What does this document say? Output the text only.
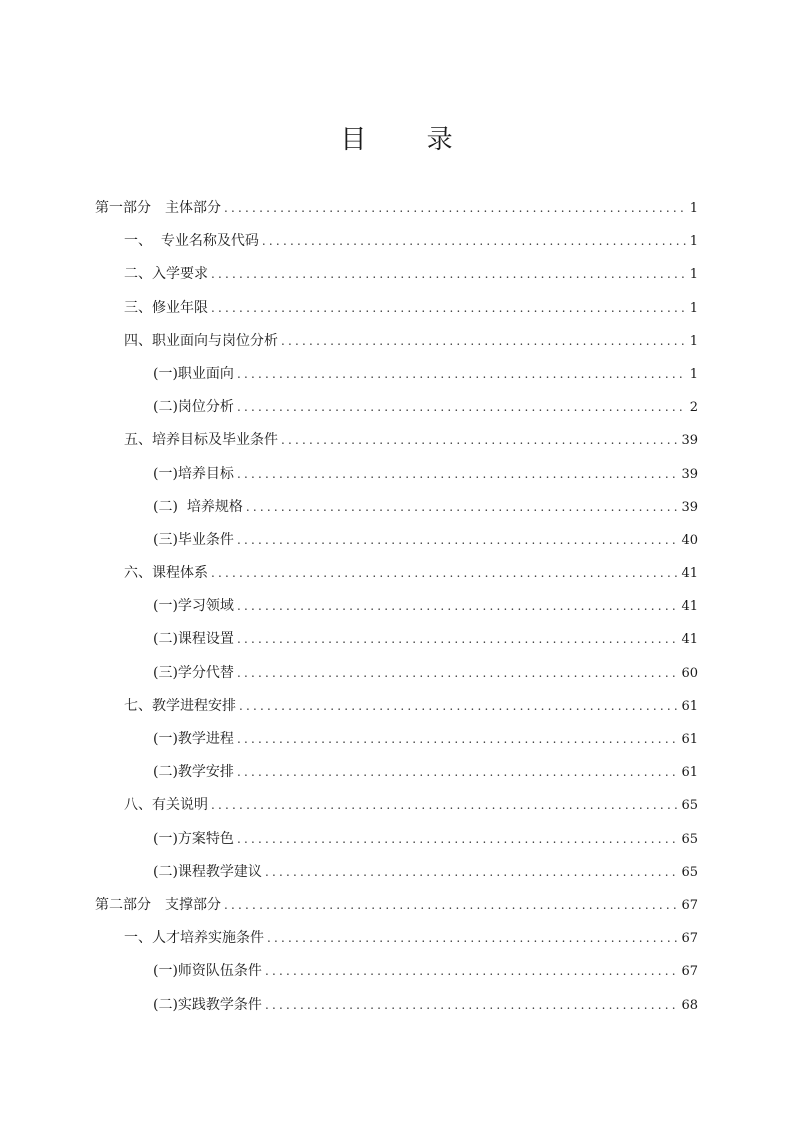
目 录
第一部分　主体部分 .....	1
一、  专业名称及代码 .....	1
二、入学要求 .....	1
三、修业年限 .....	1
四、职业面向与岗位分析 .....	1
(一)职业面向 .....	1
(二)岗位分析 .....	2
五、培养目标及毕业条件 .....	39
(一)培养目标 .....	39
(二)  培养规格 .....	39
(三)毕业条件 .....	40
六、课程体系 .....	41
(一)学习领域 .....	41
(二)课程设置 .....	41
(三)学分代替 .....	60
七、教学进程安排 .....	61
(一)教学进程 .....	61
(二)教学安排 .....	61
八、有关说明 .....	65
(一)方案特色 .....	65
(二)课程教学建议 .....	65
第二部分　支撑部分 .....	67
一、人才培养实施条件 .....	67
(一)师资队伍条件 .....	67
(二)实践教学条件 .....	68
